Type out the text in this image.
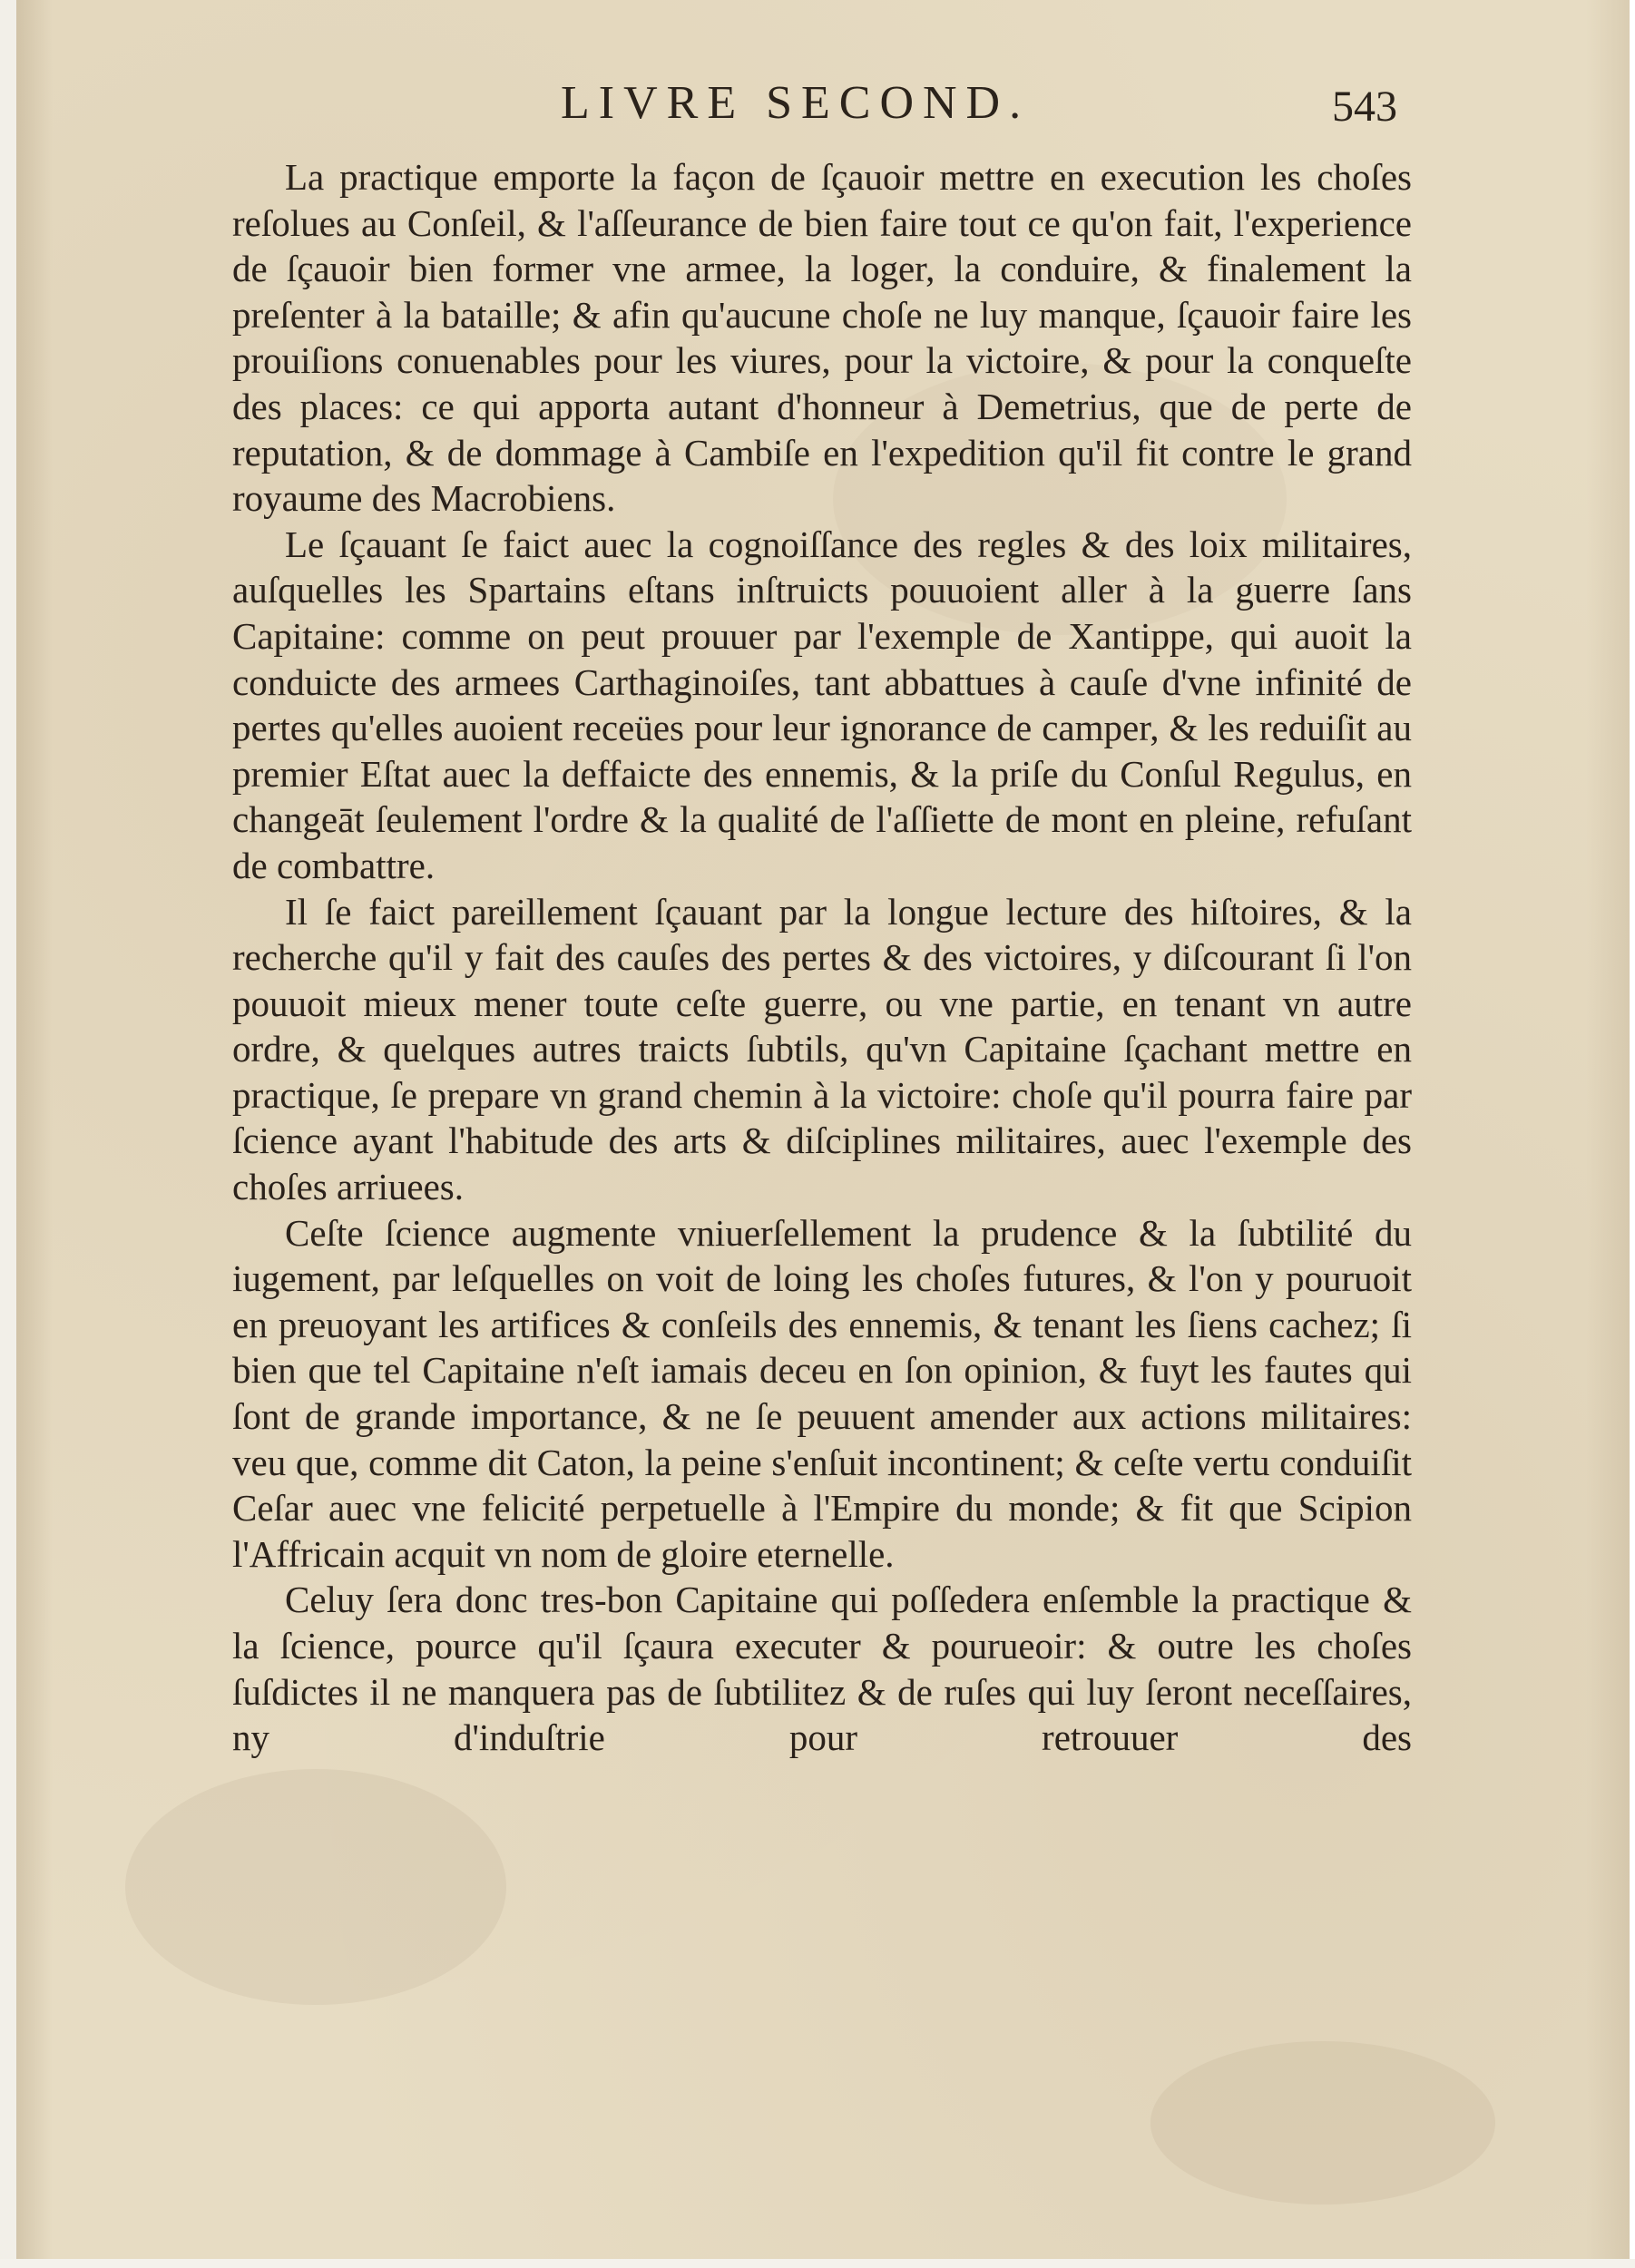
LIVRE SECOND.	543

La practique emporte la façon de ſçauoir mettre en execution les choſes reſolues au Conſeil, & l'aſſeurance de bien faire tout ce qu'on fait, l'experience de ſçauoir bien former vne armee, la loger, la conduire, & finalement la preſenter à la bataille; & afin qu'aucune choſe ne luy manque, ſçauoir faire les prouiſions conuenables pour les viures, pour la victoire, & pour la conqueſte des places: ce qui apporta autant d'honneur à Demetrius, que de perte de reputation, & de dommage à Cambiſe en l'expedition qu'il fit contre le grand royaume des Macrobiens.

Le ſçauant ſe faict auec la cognoiſſance des regles & des loix militaires, auſquelles les Spartains eſtans inſtruicts pouuoient aller à la guerre ſans Capitaine: comme on peut prouuer par l'exemple de Xantippe, qui auoit la conduicte des armees Carthaginoiſes, tant abbattues à cauſe d'vne infinité de pertes qu'elles auoient receües pour leur ignorance de camper, & les reduiſit au premier Eſtat auec la deffaicte des ennemis, & la priſe du Conſul Regulus, en changeāt ſeulement l'ordre & la qualité de l'aſſiette de mont en pleine, refuſant de combattre.

Il ſe faict pareillement ſçauant par la longue lecture des hiſtoires, & la recherche qu'il y fait des cauſes des pertes & des victoires, y diſcourant ſi l'on pouuoit mieux mener toute ceſte guerre, ou vne partie, en tenant vn autre ordre, & quelques autres traicts ſubtils, qu'vn Capitaine ſçachant mettre en practique, ſe prepare vn grand chemin à la victoire: choſe qu'il pourra faire par ſcience ayant l'habitude des arts & diſciplines militaires, auec l'exemple des choſes arriuees.

Ceſte ſcience augmente vniuerſellement la prudence & la ſubtilité du iugement, par leſquelles on voit de loing les choſes futures, & l'on y pouruoit en preuoyant les artifices & conſeils des ennemis, & tenant les ſiens cachez; ſi bien que tel Capitaine n'eſt iamais deceu en ſon opinion, & fuyt les fautes qui ſont de grande importance, & ne ſe peuuent amender aux actions militaires: veu que, comme dit Caton, la peine s'enſuit incontinent; & ceſte vertu conduiſit Ceſar auec vne felicité perpetuelle à l'Empire du monde; & fit que Scipion l'Affricain acquit vn nom de gloire eternelle.

Celuy ſera donc tres-bon Capitaine qui poſſedera enſemble la practique & la ſcience, pource qu'il ſçaura executer & pourueoir: & outre les choſes ſuſdictes il ne manquera pas de ſubtilitez & de ruſes qui luy ſeront neceſſaires, ny d'induſtrie pour retrouuer des
